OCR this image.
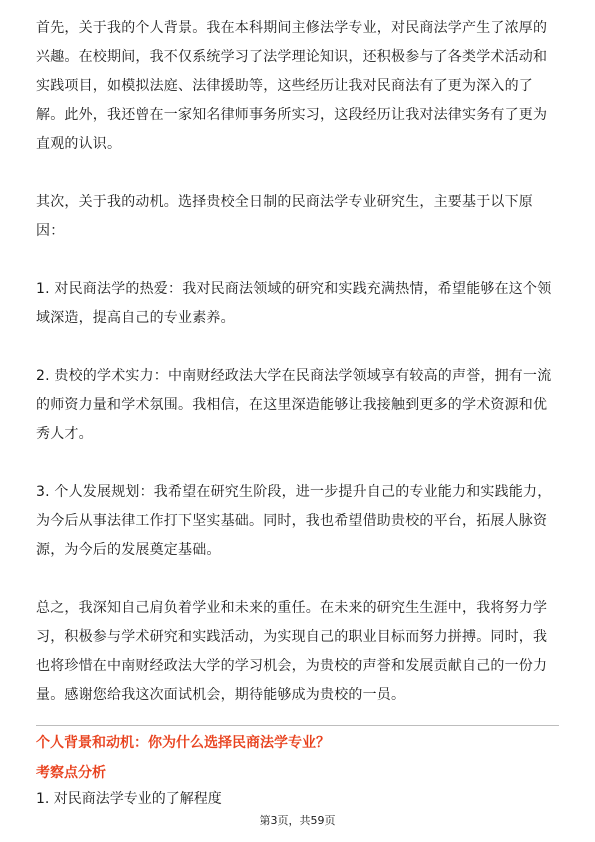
首先，关于我的个人背景。我在本科期间主修法学专业，对民商法学产生了浓厚的兴趣。在校期间，我不仅系统学习了法学理论知识，还积极参与了各类学术活动和实践项目，如模拟法庭、法律援助等，这些经历让我对民商法有了更为深入的了解。此外，我还曾在一家知名律师事务所实习，这段经历让我对法律实务有了更为直观的认识。

其次，关于我的动机。选择贵校全日制的民商法学专业研究生，主要基于以下原因：

1. 对民商法学的热爱：我对民商法领域的研究和实践充满热情，希望能够在这个领域深造，提高自己的专业素养。

2. 贵校的学术实力：中南财经政法大学在民商法学领域享有较高的声誉，拥有一流的师资力量和学术氛围。我相信，在这里深造能够让我接触到更多的学术资源和优秀人才。

3. 个人发展规划：我希望在研究生阶段，进一步提升自己的专业能力和实践能力，为今后从事法律工作打下坚实基础。同时，我也希望借助贵校的平台，拓展人脉资源，为今后的发展奠定基础。

总之，我深知自己肩负着学业和未来的重任。在未来的研究生生涯中，我将努力学习，积极参与学术研究和实践活动，为实现自己的职业目标而努力拼搏。同时，我也将珍惜在中南财经政法大学的学习机会，为贵校的声誉和发展贡献自己的一份力量。感谢您给我这次面试机会，期待能够成为贵校的一员。

个人背景和动机：你为什么选择民商法学专业？
考察点分析
1. 对民商法学专业的了解程度
第3页，共59页
